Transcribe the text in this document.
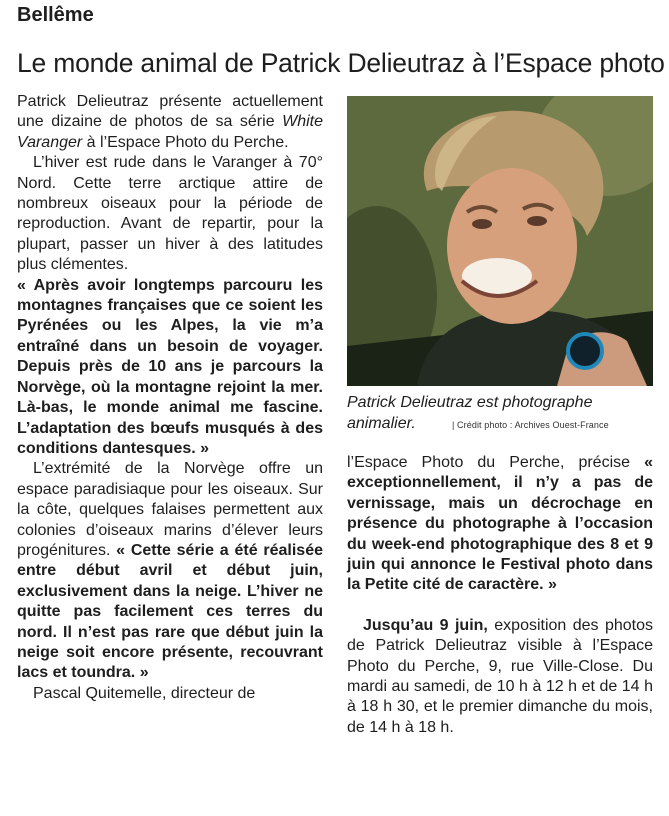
Bellême
Le monde animal de Patrick Delieutraz à l’Espace photo

Patrick Delieutraz présente actuellement une dizaine de photos de sa série White Varanger à l’Espace Photo du Perche.

L’hiver est rude dans le Varanger à 70° Nord. Cette terre arctique attire de nombreux oiseaux pour la période de reproduction. Avant de repartir, pour la plupart, passer un hiver à des latitudes plus clémentes.

« Après avoir longtemps parcouru les montagnes françaises que ce soient les Pyrénées ou les Alpes, la vie m’a entraîné dans un besoin de voyager. Depuis près de 10 ans je parcours la Norvège, où la montagne rejoint la mer. Là-bas, le monde animal me fascine. L’adaptation des bœufs musqués à des conditions dantesques. »

L’extrémité de la Norvège offre un espace paradisiaque pour les oiseaux. Sur la côte, quelques falaises permettent aux colonies d’oiseaux marins d’élever leurs progénitures. « Cette série a été réalisée entre début avril et début juin, exclusivement dans la neige. L’hiver ne quitte pas facilement ces terres du nord. Il n’est pas rare que début juin la neige soit encore présente, recouvrant lacs et toundra. »

Pascal Quitemelle, directeur de

Patrick Delieutraz est photographe animalier.	| Crédit photo : Archives Ouest-France

l’Espace Photo du Perche, précise « exceptionnellement, il n’y a pas de vernissage, mais un décrochage en présence du photographe à l’occasion du week-end photographique des 8 et 9 juin qui annonce le Festival photo dans la Petite cité de caractère. »

Jusqu’au 9 juin, exposition des photos de Patrick Delieutraz visible à l’Espace Photo du Perche, 9, rue Ville-Close. Du mardi au samedi, de 10 h à 12 h et de 14 h à 18 h 30, et le premier dimanche du mois, de 14 h à 18 h.
